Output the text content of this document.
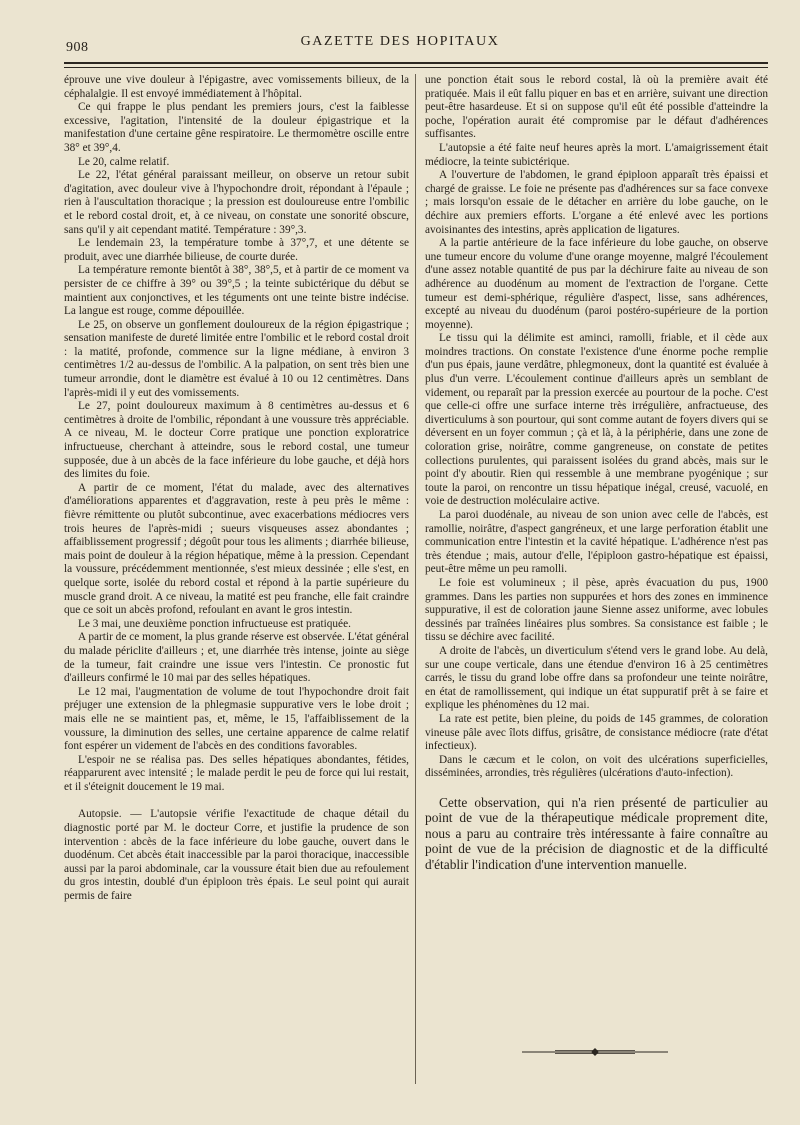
908	GAZETTE DES HOPITAUX

éprouve une vive douleur à l'épigastre, avec vomissements bilieux, de la céphalalgie. Il est envoyé immédiatement à l'hôpital.

Ce qui frappe le plus pendant les premiers jours, c'est la faiblesse excessive, l'agitation, l'intensité de la douleur épigastrique et la manifestation d'une certaine gêne respiratoire. Le thermomètre oscille entre 38° et 39°,4.

Le 20, calme relatif.

Le 22, l'état général paraissant meilleur, on observe un retour subit d'agitation, avec douleur vive à l'hypochondre droit, répondant à l'épaule ; rien à l'auscultation thoracique ; la pression est douloureuse entre l'ombilic et le rebord costal droit, et, à ce niveau, on constate une sonorité obscure, sans qu'il y ait cependant matité. Température : 39°,3.

Le lendemain 23, la température tombe à 37°,7, et une détente se produit, avec une diarrhée bilieuse, de courte durée.

La température remonte bientôt à 38°, 38°,5, et à partir de ce moment va persister de ce chiffre à 39° ou 39°,5 ; la teinte subictérique du début se maintient aux conjonctives, et les téguments ont une teinte bistre indécise. La langue est rouge, comme dépouillée.

Le 25, on observe un gonflement douloureux de la région épigastrique ; sensation manifeste de dureté limitée entre l'ombilic et le rebord costal droit : la matité, profonde, commence sur la ligne médiane, à environ 3 centimètres 1/2 au-dessus de l'ombilic. A la palpation, on sent très bien une tumeur arrondie, dont le diamètre est évalué à 10 ou 12 centimètres. Dans l'après-midi il y eut des vomissements.

Le 27, point douloureux maximum à 8 centimètres au-dessus et 6 centimètres à droite de l'ombilic, répondant à une voussure très appréciable. A ce niveau, M. le docteur Corre pratique une ponction exploratrice infructueuse, cherchant à atteindre, sous le rebord costal, une tumeur supposée, due à un abcès de la face inférieure du lobe gauche, et déjà hors des limites du foie.

A partir de ce moment, l'état du malade, avec des alternatives d'améliorations apparentes et d'aggravation, reste à peu près le même : fièvre rémittente ou plutôt subcontinue, avec exacerbations médiocres vers trois heures de l'après-midi ; sueurs visqueuses assez abondantes ; affaiblissement progressif ; dégoût pour tous les aliments ; diarrhée bilieuse, mais point de douleur à la région hépatique, même à la pression. Cependant la voussure, précédemment mentionnée, s'est mieux dessinée ; elle s'est, en quelque sorte, isolée du rebord costal et répond à la partie supérieure du muscle grand droit. A ce niveau, la matité est peu franche, elle fait craindre que ce soit un abcès profond, refoulant en avant le gros intestin.

Le 3 mai, une deuxième ponction infructueuse est pratiquée.

A partir de ce moment, la plus grande réserve est observée. L'état général du malade périclite d'ailleurs ; et, une diarrhée très intense, jointe au siège de la tumeur, fait craindre une issue vers l'intestin. Ce pronostic fut d'ailleurs confirmé le 10 mai par des selles hépatiques.

Le 12 mai, l'augmentation de volume de tout l'hypochondre droit fait préjuger une extension de la phlegmasie suppurative vers le lobe droit ; mais elle ne se maintient pas, et, même, le 15, l'affaiblissement de la voussure, la diminution des selles, une certaine apparence de calme relatif font espérer un videment de l'abcès en des conditions favorables.

L'espoir ne se réalisa pas. Des selles hépatiques abondantes, fétides, réapparurent avec intensité ; le malade perdit le peu de force qui lui restait, et il s'éteignit doucement le 19 mai.

Autopsie. — L'autopsie vérifie l'exactitude de chaque détail du diagnostic porté par M. le docteur Corre, et justifie la prudence de son intervention : abcès de la face inférieure du lobe gauche, ouvert dans le duodénum. Cet abcès était inaccessible par la paroi thoracique, inaccessible aussi par la paroi abdominale, car la voussure était bien due au refoulement du gros intestin, doublé d'un épiploon très épais. Le seul point qui aurait permis de faire

une ponction était sous le rebord costal, là où la première avait été pratiquée. Mais il eût fallu piquer en bas et en arrière, suivant une direction peut-être hasardeuse. Et si on suppose qu'il eût été possible d'atteindre la poche, l'opération aurait été compromise par le défaut d'adhérences suffisantes.

L'autopsie a été faite neuf heures après la mort. L'amaigrissement était médiocre, la teinte subictérique.

A l'ouverture de l'abdomen, le grand épiploon apparaît très épaissi et chargé de graisse. Le foie ne présente pas d'adhérences sur sa face convexe ; mais lorsqu'on essaie de le détacher en arrière du lobe gauche, on le déchire aux premiers efforts. L'organe a été enlevé avec les portions avoisinantes des intestins, après application de ligatures.

A la partie antérieure de la face inférieure du lobe gauche, on observe une tumeur encore du volume d'une orange moyenne, malgré l'écoulement d'une assez notable quantité de pus par la déchirure faite au niveau de son adhérence au duodénum au moment de l'extraction de l'organe. Cette tumeur est demi-sphérique, régulière d'aspect, lisse, sans adhérences, excepté au niveau du duodénum (paroi postéro-supérieure de la portion moyenne).

Le tissu qui la délimite est aminci, ramolli, friable, et il cède aux moindres tractions. On constate l'existence d'une énorme poche remplie d'un pus épais, jaune verdâtre, phlegmoneux, dont la quantité est évaluée à plus d'un verre. L'écoulement continue d'ailleurs après un semblant de videment, ou reparaît par la pression exercée au pourtour de la poche. C'est que celle-ci offre une surface interne très irrégulière, anfractueuse, des diverticulums à son pourtour, qui sont comme autant de foyers divers qui se déversent en un foyer commun ; çà et là, à la périphérie, dans une zone de coloration grise, noirâtre, comme gangreneuse, on constate de petites collections purulentes, qui paraissent isolées du grand abcès, mais sur le point d'y aboutir. Rien qui ressemble à une membrane pyogénique ; sur toute la paroi, on rencontre un tissu hépatique inégal, creusé, vacuolé, en voie de destruction moléculaire active.

La paroi duodénale, au niveau de son union avec celle de l'abcès, est ramollie, noirâtre, d'aspect gangréneux, et une large perforation établit une communication entre l'intestin et la cavité hépatique. L'adhérence n'est pas très étendue ; mais, autour d'elle, l'épiploon gastro-hépatique est épaissi, peut-être même un peu ramolli.

Le foie est volumineux ; il pèse, après évacuation du pus, 1900 grammes. Dans les parties non suppurées et hors des zones en imminence suppurative, il est de coloration jaune Sienne assez uniforme, avec lobules dessinés par traînées linéaires plus sombres. Sa consistance est faible ; le tissu se déchire avec facilité.

A droite de l'abcès, un diverticulum s'étend vers le grand lobe. Au delà, sur une coupe verticale, dans une étendue d'environ 16 à 25 centimètres carrés, le tissu du grand lobe offre dans sa profondeur une teinte noirâtre, en état de ramollissement, qui indique un état suppuratif prêt à se faire et explique les phénomènes du 12 mai.

La rate est petite, bien pleine, du poids de 145 grammes, de coloration vineuse pâle avec îlots diffus, grisâtre, de consistance médiocre (rate d'état infectieux).

Dans le cæcum et le colon, on voit des ulcérations superficielles, disséminées, arrondies, très régulières (ulcérations d'auto-infection).

Cette observation, qui n'a rien présenté de particulier au point de vue de la thérapeutique médicale proprement dite, nous a paru au contraire très intéressante à faire connaître au point de vue de la précision de diagnostic et de la difficulté d'établir l'indication d'une intervention manuelle.
